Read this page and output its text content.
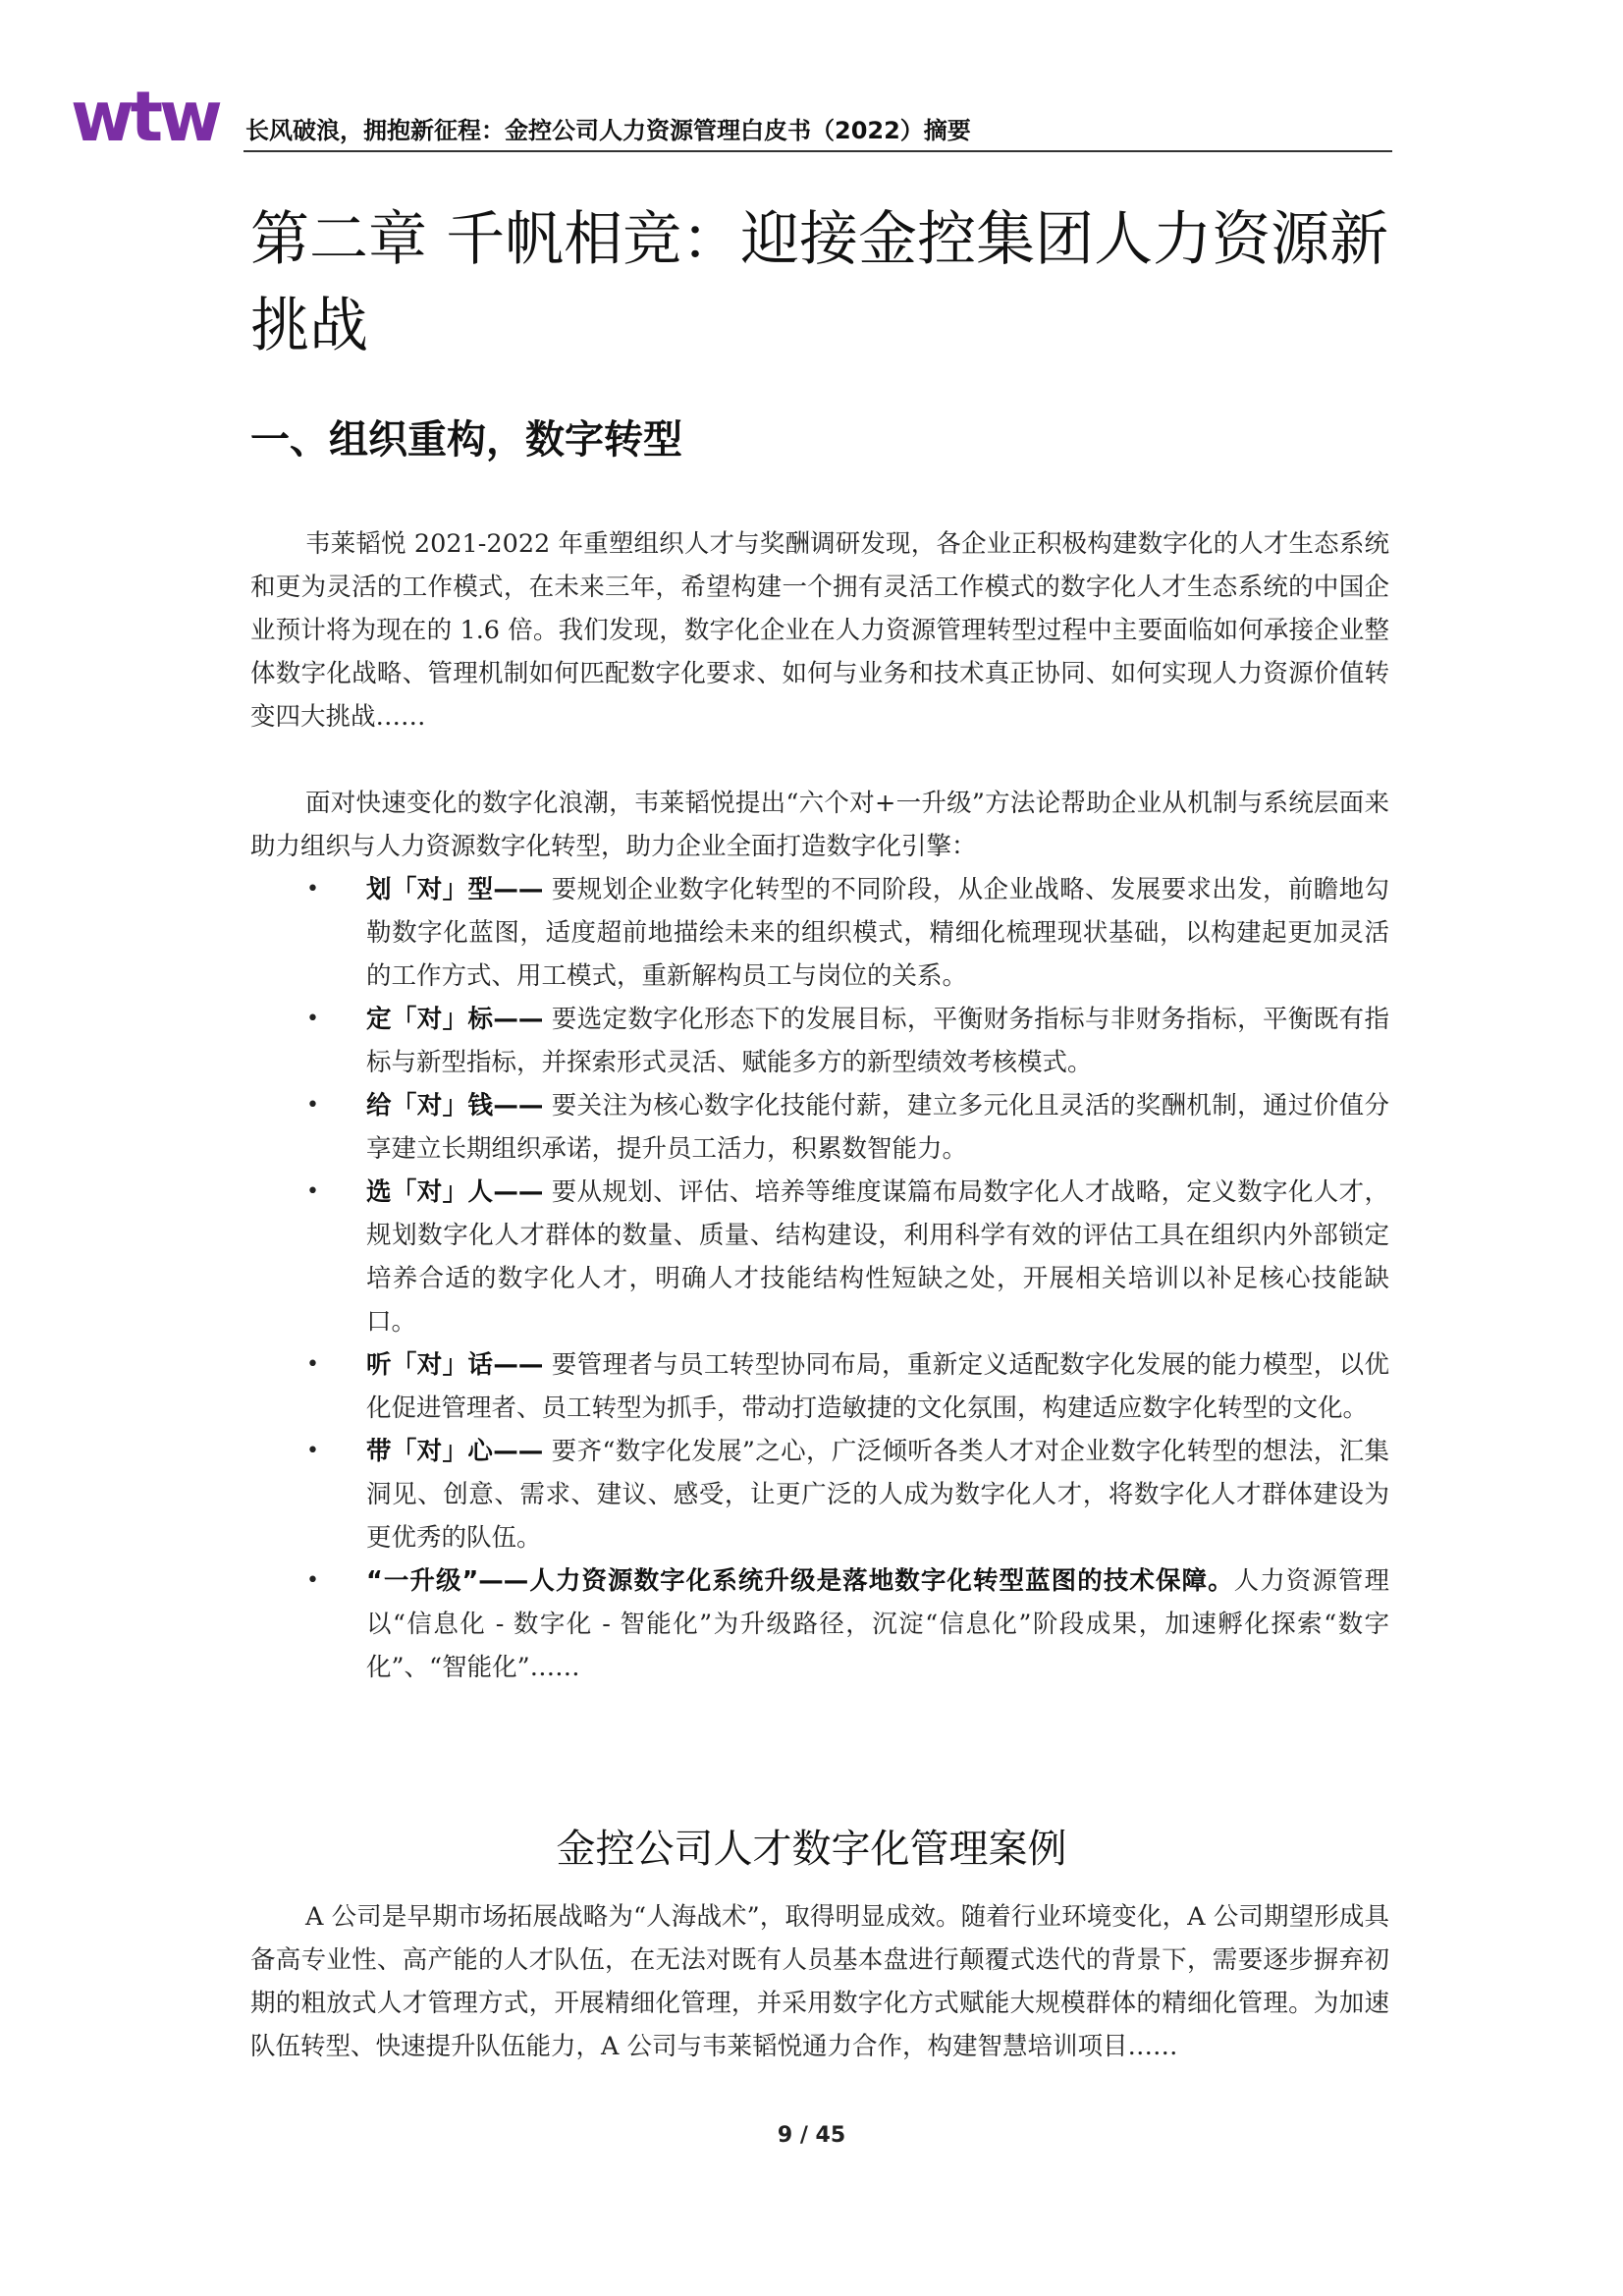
wtw 长风破浪，拥抱新征程：金控公司人力资源管理白皮书（2022）摘要
第二章 千帆相竞：迎接金控集团人力资源新挑战
一、组织重构，数字转型

韦莱韬悦 2021-2022 年重塑组织人才与奖酬调研发现，各企业正积极构建数字化的人才生态系统和更为灵活的工作模式，在未来三年，希望构建一个拥有灵活工作模式的数字化人才生态系统的中国企业预计将为现在的 1.6 倍。我们发现，数字化企业在人力资源管理转型过程中主要面临如何承接企业整体数字化战略、管理机制如何匹配数字化要求、如何与业务和技术真正协同、如何实现人力资源价值转变四大挑战……

面对快速变化的数字化浪潮，韦莱韬悦提出“六个对+一升级”方法论帮助企业从机制与系统层面来助力组织与人力资源数字化转型，助力企业全面打造数字化引擎：

• 划「对」型—— 要规划企业数字化转型的不同阶段，从企业战略、发展要求出发，前瞻地勾勒数字化蓝图，适度超前地描绘未来的组织模式，精细化梳理现状基础，以构建起更加灵活的工作方式、用工模式，重新解构员工与岗位的关系。
• 定「对」标—— 要选定数字化形态下的发展目标，平衡财务指标与非财务指标，平衡既有指标与新型指标，并探索形式灵活、赋能多方的新型绩效考核模式。
• 给「对」钱—— 要关注为核心数字化技能付薪，建立多元化且灵活的奖酬机制，通过价值分享建立长期组织承诺，提升员工活力，积累数智能力。
• 选「对」人—— 要从规划、评估、培养等维度谋篇布局数字化人才战略，定义数字化人才，规划数字化人才群体的数量、质量、结构建设，利用科学有效的评估工具在组织内外部锁定培养合适的数字化人才，明确人才技能结构性短缺之处，开展相关培训以补足核心技能缺口。
• 听「对」话—— 要管理者与员工转型协同布局，重新定义适配数字化发展的能力模型，以优化促进管理者、员工转型为抓手，带动打造敏捷的文化氛围，构建适应数字化转型的文化。
• 带「对」心—— 要齐“数字化发展”之心，广泛倾听各类人才对企业数字化转型的想法，汇集洞见、创意、需求、建议、感受，让更广泛的人成为数字化人才，将数字化人才群体建设为更优秀的队伍。
• “一升级”——人力资源数字化系统升级是落地数字化转型蓝图的技术保障。人力资源管理以“信息化 - 数字化 - 智能化”为升级路径，沉淀“信息化”阶段成果，加速孵化探索“数字化”、“智能化”……
金控公司人才数字化管理案例

A 公司是早期市场拓展战略为“人海战术”，取得明显成效。随着行业环境变化，A 公司期望形成具备高专业性、高产能的人才队伍，在无法对既有人员基本盘进行颠覆式迭代的背景下，需要逐步摒弃初期的粗放式人才管理方式，开展精细化管理，并采用数字化方式赋能大规模群体的精细化管理。为加速队伍转型、快速提升队伍能力，A 公司与韦莱韬悦通力合作，构建智慧培训项目……

9 / 45
